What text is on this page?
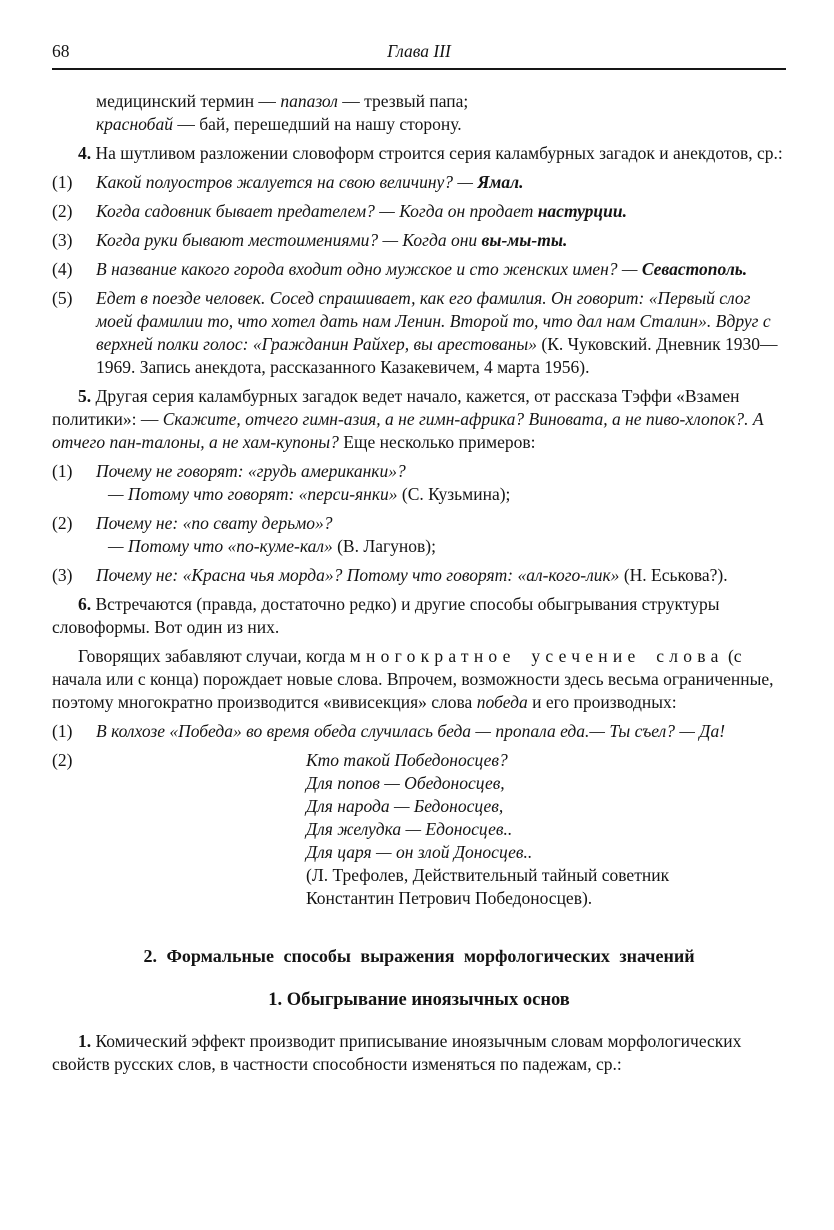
68	Глава III

медицинский термин — папазол — трезвый папа;
краснобай — бай, перешедший на нашу сторону.

4. На шутливом разложении словоформ строится серия каламбурных загадок и анекдотов, ср.:

(1)	Какой полуостров жалуется на свою величину? — Ямал.
(2)	Когда садовник бывает предателем? — Когда он продает настурции.
(3)	Когда руки бывают местоимениями? — Когда они вы-мы-ты.
(4)	В название какого города входит одно мужское и сто женских имен? — Севастополь.
(5)	Едет в поезде человек. Сосед спрашивает, как его фамилия. Он говорит: «Первый слог моей фамилии то, что хотел дать нам Ленин. Второй то, что дал нам Сталин». Вдруг с верхней полки голос: «Гражданин Райхер, вы арестованы» (К. Чуковский. Дневник 1930—1969. Запись анекдота, рассказанного Казакевичем, 4 марта 1956).

5. Другая серия каламбурных загадок ведет начало, кажется, от рассказа Тэффи «Взамен политики»: — Скажите, отчего гимн-азия, а не гимн-африка? Виновата, а не пиво-хлопок?. А отчего пан-талоны, а не хам-купоны? Еще несколько примеров:

(1)	Почему не говорят: «грудь американки»?
— Потому что говорят: «перси-янки» (С. Кузьмина);
(2)	Почему не: «по свату дерьмо»?
— Потому что «по-куме-кал» (В. Лагунов);
(3)	Почему не: «Красна чья морда»? Потому что говорят: «ал-кого-лик» (Н. Еськова?).

6. Встречаются (правда, достаточно редко) и другие способы обыгрывания структуры словоформы. Вот один из них.

Говорящих забавляют случаи, когда многократное усечение слова (с начала или с конца) порождает новые слова. Впрочем, возможности здесь весьма ограниченные, поэтому многократно производится «вивисекция» слова победа и его производных:

(1)	В колхозе «Победа» во время обеда случилась беда — пропала еда.— Ты съел? — Да!
(2)	Кто такой Победоносцев?
Для попов — Обедоносцев,
Для народа — Бедоносцев,
Для желудка — Едоносцев..
Для царя — он злой Доносцев..
(Л. Трефолев, Действительный тайный советник Константин Петрович Победоносцев).
2. Формальные способы выражения морфологических значений
1. Обыгрывание иноязычных основ

1. Комический эффект производит приписывание иноязычным словам морфологических свойств русских слов, в частности способности изменяться по падежам, ср.:
